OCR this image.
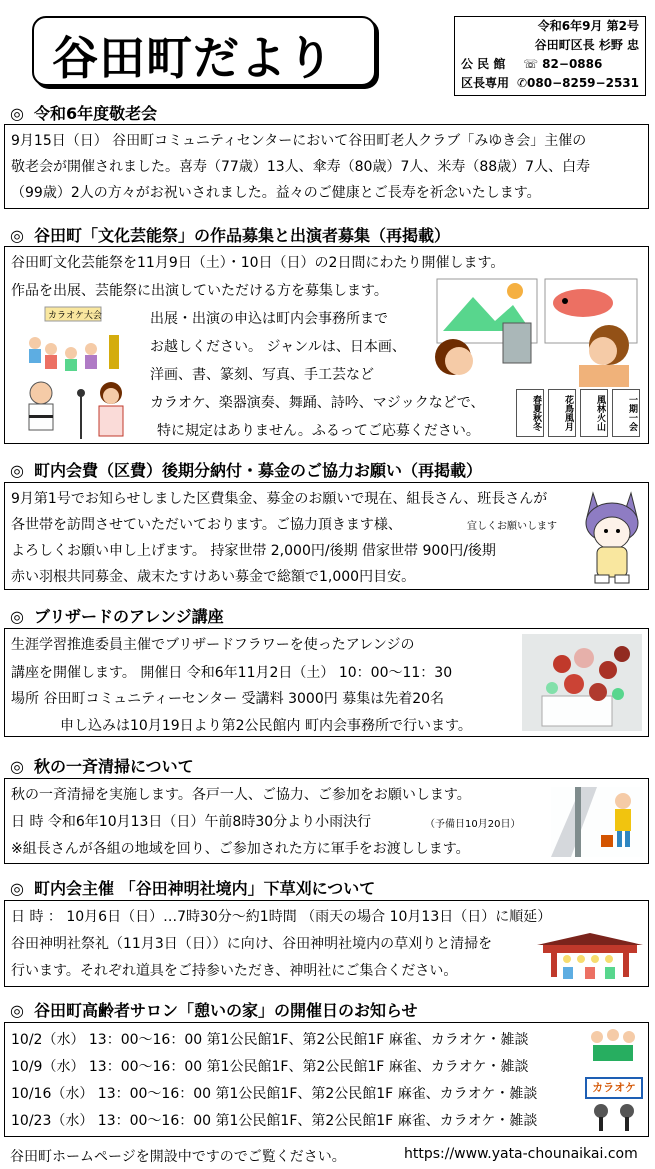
谷田町だより
令和6年9月 第2号
谷田町区長 杉野 忠
公 民 館	☏ 82−0886
区長専用 ✆ 080−8259−2531
◎ 令和6年度敬老会
9月15日（日） 谷田町コミュニティセンターにおいて谷田町老人クラブ「みゆき会」主催の
敬老会が開催されました。喜寿（77歳）13人、傘寿（80歳）7人、米寿（88歳）7人、白寿
（99歳）2人の方々がお祝いされました。益々のご健康とご長寿を祈念いたします。
◎ 谷田町「文化芸能祭」の作品募集と出演者募集（再掲載）
谷田町文化芸能祭を11月9日（土）・10日（日）の2日間にわたり開催します。
作品を出展、芸能祭に出演していただける方を募集します。
出展・出演の申込は町内会事務所まで
お越しください。 ジャンルは、日本画、
洋画、書、篆刻、写真、手工芸など
カラオケ、楽器演奏、舞踊、詩吟、マジックなどで、
特に規定はありません。ふるってご応募ください。
カラオケ大会
春夏秋冬	花鳥風月	風林火山	一期一会
◎ 町内会費（区費）後期分納付・募金のご協力お願い（再掲載）
9月第1号でお知らせしました区費集金、募金のお願いで現在、組長さん、班長さんが
各世帯を訪問させていただいております。ご協力頂きます様、
よろしくお願い申し上げます。 持家世帯 2,000円/後期 借家世帯 900円/後期
赤い羽根共同募金、歳末たすけあい募金で総額で1,000円目安。
宜しくお願いします
◎ ブリザードのアレンジ講座
生涯学習推進委員主催でブリザードフラワーを使ったアレンジの
講座を開催します。 開催日 令和6年11月2日（土） 10：00～11：30
場所 谷田町コミュニティーセンター 受講料 3000円 募集は先着20名
申し込みは10月19日より第2公民館内 町内会事務所で行います。
◎ 秋の一斉清掃について
秋の一斉清掃を実施します。各戸一人、ご協力、ご参加をお願いします。
日 時 令和6年10月13日（日）午前8時30分より小雨決行	（予備日10月20日）
※組長さんが各組の地域を回り、ご参加された方に軍手をお渡しします。
◎ 町内会主催 「谷田神明社境内」下草刈について
日 時 ： 10月6日（日）…7時30分～約1時間 （雨天の場合 10月13日（日）に順延）
谷田神明社祭礼（11月3日（日））に向け、谷田神明社境内の草刈りと清掃を
行います。それぞれ道具をご持参いただき、神明社にご集合ください。
◎ 谷田町高齢者サロン「憩いの家」の開催日のお知らせ
10/2（水） 13：00～16：00 第1公民館1F、第2公民館1F 麻雀、カラオケ・雑談
10/9（水） 13：00～16：00 第1公民館1F、第2公民館1F 麻雀、カラオケ・雑談
10/16（水） 13：00～16：00 第1公民館1F、第2公民館1F 麻雀、カラオケ・雑談
10/23（水） 13：00～16：00 第1公民館1F、第2公民館1F 麻雀、カラオケ・雑談
カラオケ
谷田町ホームページを開設中ですのでご覧ください。	https://www.yata-chounaikai.com
